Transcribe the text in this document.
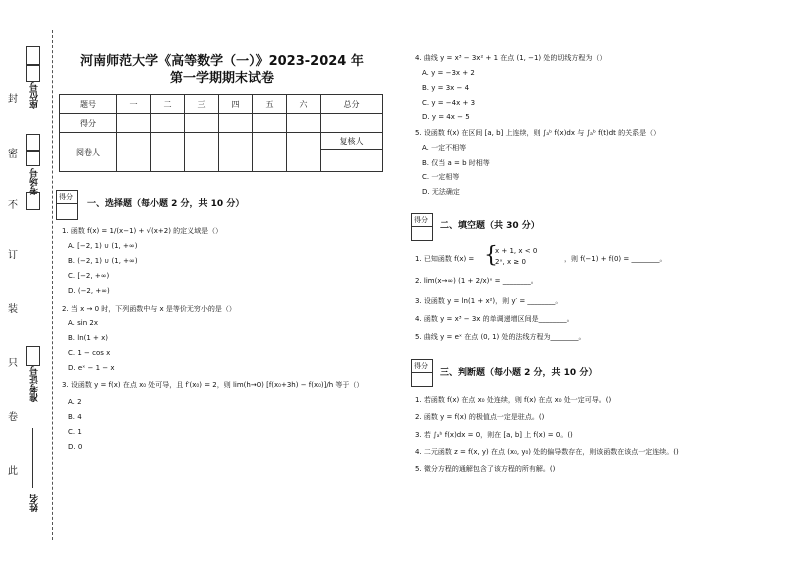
座位号
封
密
考场号
不
订
装
只
准考证号
卷
此
姓名
河南师范大学《高等数学（一）》2023-2024 年
第一学期期末试卷
题号	一	二	三	四	五	六	总分
得分							
阅卷人							复核人

得分
一、选择题（每小题 2 分，共 10 分）
1. 函数 f(x) = 1/(x−1) + √(x+2) 的定义域是（）
A. [−2, 1) ∪ (1, +∞)
B. (−2, 1) ∪ (1, +∞)
C. [−2, +∞)
D. (−2, +∞)
2. 当 x → 0 时，下列函数中与 x 是等价无穷小的是（）
A. sin 2x
B. ln(1 + x)
C. 1 − cos x
D. eˣ − 1 − x
3. 设函数 y = f(x) 在点 x₀ 处可导，且 f′(x₀) = 2，则 lim(h→0) [f(x₀+3h) − f(x₀)]/h 等于（）
A. 2
B. 4
C. 1
D. 0
4. 曲线 y = x³ − 3x² + 1 在点 (1, −1) 处的切线方程为（）
A. y = −3x + 2
B. y = 3x − 4
C. y = −4x + 3
D. y = 4x − 5
5. 设函数 f(x) 在区间 [a, b] 上连续，则 ∫ₐᵇ f(x)dx 与 ∫ₐᵇ f(t)dt 的关系是（）
A. 一定不相等
B. 仅当 a = b 时相等
C. 一定相等
D. 无法确定
得分
二、填空题（共 30 分）
1. 已知函数 f(x) = {
x + 1, x < 0
2ˣ, x ≥ 0	，则 f(−1) + f(0) = ________。
2. lim(x→∞) (1 + 2/x)ˣ = ________。
3. 设函数 y = ln(1 + x²)，则 y′ = ________。
4. 函数 y = x³ − 3x 的单调递增区间是________。
5. 曲线 y = eˣ 在点 (0, 1) 处的法线方程为________。
得分
三、判断题（每小题 2 分，共 10 分）
1. 若函数 f(x) 在点 x₀ 处连续，则 f(x) 在点 x₀ 处一定可导。()
2. 函数 y = f(x) 的极值点一定是驻点。()
3. 若 ∫ₐᵇ f(x)dx = 0，则在 [a, b] 上 f(x) = 0。()
4. 二元函数 z = f(x, y) 在点 (x₀, y₀) 处的偏导数存在，则该函数在该点一定连续。()
5. 微分方程的通解包含了该方程的所有解。()
